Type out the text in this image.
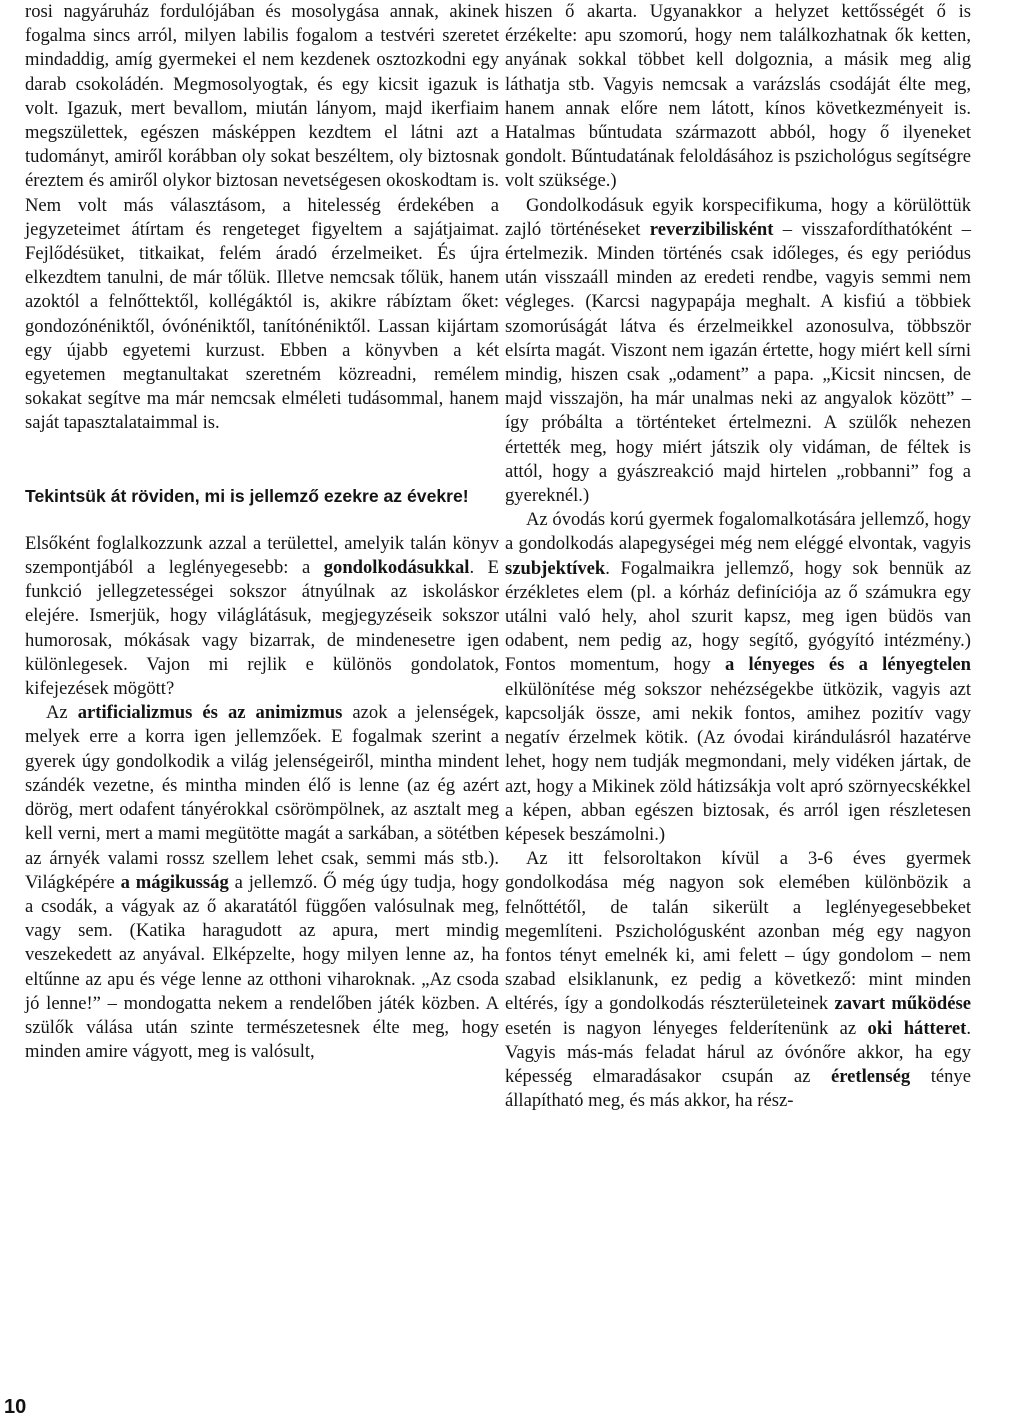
rosi nagyáruház fordulójában és mosolygása annak, akinek fogalma sincs arról, milyen labilis fogalom a testvéri szeretet mindaddig, amíg gyermekei el nem kezdenek osztozkodni egy darab csokoládén. Megmosolyogtak, és egy kicsit igazuk is volt. Igazuk, mert bevallom, miután lányom, majd ikerfiaim megszülettek, egészen másképpen kezdtem el látni azt a tudományt, amiről korábban oly sokat beszéltem, oly biztosnak éreztem és amiről olykor biztosan nevetségesen okoskodtam is. Nem volt más választásom, a hitelesség érdekében a jegyzeteimet átírtam és rengeteget figyeltem a sajátjaimat. Fejlődésüket, titkaikat, felém áradó érzelmeiket. És újra elkezdtem tanulni, de már tőlük. Illetve nemcsak tőlük, hanem azoktól a felnőttektől, kollégáktól is, akikre rábíztam őket: gondozónéniktől, óvónéniktől, tanítónéniktől. Lassan kijártam egy újabb egyetemi kurzust. Ebben a könyvben a két egyetemen megtanultakat szeretném közreadni, remélem sokakat segítve ma már nemcsak elméleti tudásommal, hanem saját tapasztalataimmal is.

Tekintsük át röviden, mi is jellemző ezekre az évekre!

Elsőként foglalkozzunk azzal a területtel, amelyik talán könyv szempontjából a leglényegesebb: a gondolkodásukkal. E funkció jellegzetességei sokszor átnyúlnak az iskoláskor elejére. Ismerjük, hogy világlátásuk, megjegyzéseik sokszor humorosak, mókásak vagy bizarrak, de mindenesetre igen különlegesek. Vajon mi rejlik e különös gondolatok, kifejezések mögött?

Az artificializmus és az animizmus azok a jelenségek, melyek erre a korra igen jellemzőek. E fogalmak szerint a gyerek úgy gondolkodik a világ jelenségeiről, mintha mindent szándék vezetne, és mintha minden élő is lenne (az ég azért dörög, mert odafent tányérokkal csörömpölnek, az asztalt meg kell verni, mert a mami megütötte magát a sarkában, a sötétben az árnyék valami rossz szellem lehet csak, semmi más stb.). Világképére a mágikusság a jellemző. Ő még úgy tudja, hogy a csodák, a vágyak az ő akaratától függően valósulnak meg, vagy sem. (Katika haragudott az apura, mert mindig veszekedett az anyával. Elképzelte, hogy milyen lenne az, ha eltűnne az apu és vége lenne az otthoni viharoknak. „Az csoda jó lenne!” – mondogatta nekem a rendelőben játék közben. A szülők válása után szinte természetesnek élte meg, hogy minden amire vágyott, meg is valósult,

hiszen ő akarta. Ugyanakkor a helyzet kettősségét ő is érzékelte: apu szomorú, hogy nem találkozhatnak ők ketten, anyának sokkal többet kell dolgoznia, a másik meg alig láthatja stb. Vagyis nemcsak a varázslás csodáját élte meg, hanem annak előre nem látott, kínos következményeit is. Hatalmas bűntudata származott abból, hogy ő ilyeneket gondolt. Bűntudatának feloldásához is pszichológus segítségre volt szüksége.)

Gondolkodásuk egyik korspecifikuma, hogy a körülöttük zajló történéseket reverzibilisként – visszafordíthatóként – értelmezik. Minden történés csak időleges, és egy periódus után visszaáll minden az eredeti rendbe, vagyis semmi nem végleges. (Karcsi nagypapája meghalt. A kisfiú a többiek szomorúságát látva és érzelmeikkel azonosulva, többször elsírta magát. Viszont nem igazán értette, hogy miért kell sírni mindig, hiszen csak „odament” a papa. „Kicsit nincsen, de majd visszajön, ha már unalmas neki az angyalok között” – így próbálta a történteket értelmezni. A szülők nehezen értették meg, hogy miért játszik oly vidáman, de féltek is attól, hogy a gyászreakció majd hirtelen „robbanni” fog a gyereknél.)

Az óvodás korú gyermek fogalomalkotására jellemző, hogy a gondolkodás alapegységei még nem eléggé elvontak, vagyis szubjektívek. Fogalmaikra jellemző, hogy sok bennük az érzékletes elem (pl. a kórház definíciója az ő számukra egy utálni való hely, ahol szurit kapsz, meg igen büdös van odabent, nem pedig az, hogy segítő, gyógyító intézmény.) Fontos momentum, hogy a lényeges és a lényegtelen elkülönítése még sokszor nehézségekbe ütközik, vagyis azt kapcsolják össze, ami nekik fontos, amihez pozitív vagy negatív érzelmek kötik. (Az óvodai kirándulásról hazatérve lehet, hogy nem tudják megmondani, mely vidéken jártak, de azt, hogy a Mikinek zöld hátizsákja volt apró szörnyecskékkel a képen, abban egészen biztosak, és arról igen részletesen képesek beszámolni.)

Az itt felsoroltakon kívül a 3-6 éves gyermek gondolkodása még nagyon sok elemében különbözik a felnőttétől, de talán sikerült a leglényegesebbeket megemlíteni. Pszichológusként azonban még egy nagyon fontos tényt emelnék ki, ami felett – úgy gondolom – nem szabad elsiklanunk, ez pedig a következő: mint minden eltérés, így a gondolkodás részterületeinek zavart működése esetén is nagyon lényeges felderítenünk az oki hátteret. Vagyis más-más feladat hárul az óvónőre akkor, ha egy képesség elmaradásakor csupán az éretlenség ténye állapítható meg, és más akkor, ha rész-

10
